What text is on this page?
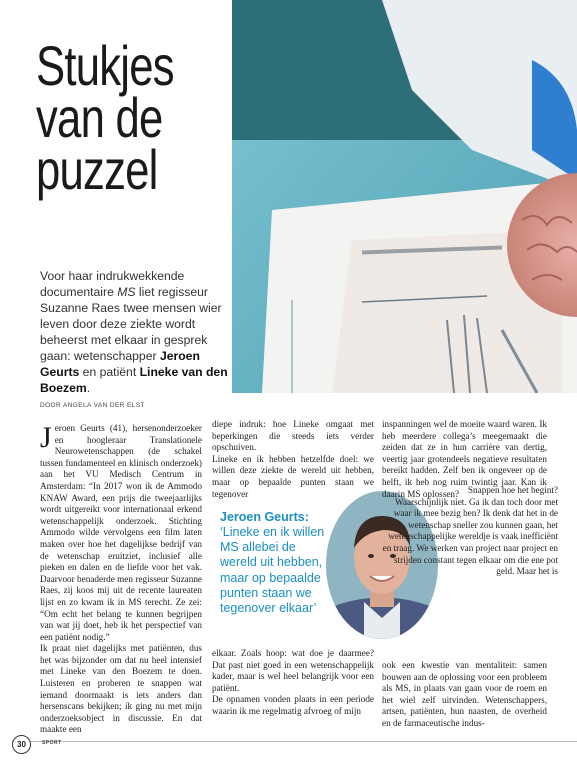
Stukjes
van de
puzzel
Voor haar indrukwekkende documentaire MS liet regisseur Suzanne Raes twee mensen wier leven door deze ziekte wordt beheerst met elkaar in gesprek gaan: wetenschapper Jeroen Geurts en patiënt Lineke van den Boezem.
DOOR ANGELA VAN DER ELST

Jeroen Geurts (41), hersenonderzoeker en hoogleraar Translationele Neurowetenschappen (de schakel tussen fundamenteel en klinisch onderzoek) aan het VU Medisch Centrum in Amsterdam: “In 2017 won ik de Ammodo KNAW Award, een prijs die tweejaarlijks wordt uitgereikt voor internationaal erkend wetenschappelijk onderzoek. Stichting Ammodo wilde vervolgens een film laten maken over hoe het dagelijkse bedrijf van de wetenschap eruitziet, inclusief alle pieken en dalen en de liefde voor het vak. Daarvoor benaderde men regisseur Suzanne Raes, zij koos mij uit de recente laureaten lijst en zo kwam ik in MS terecht. Ze zei: “Om echt het belang te kunnen begrijpen van wat jij doet, heb ik het perspectief van een patiënt nodig.”

Ik praat niet dagelijks met patiënten, dus het was bijzonder om dat nu heel intensief met Lineke van den Boezem te doen. Luisteren en proberen te snappen wat iemand doormaakt is iets anders dan hersenscans bekijken; ik ging nu met mijn onderzoeksobject in discussie. En dat maakte een

diepe indruk: hoe Lineke omgaat met beperkingen die steeds iets verder opschuiven.

Lineke en ik hebben hetzelfde doel: we willen deze ziekte de wereld uit hebben, maar op bepaalde punten staan we tegenover

Jeroen Geurts:
‘Lineke en ik willen MS allebei de wereld uit hebben, maar op bepaalde punten staan we tegenover elkaar’

elkaar. Zoals hoop: wat doe je daarmee? Dat past niet goed in een wetenschappelijk kader, maar is wel heel belangrijk voor een patiënt.

De opnamen vonden plaats in een periode waarin ik me regelmatig afvroeg of mijn

inspanningen wel de moeite waard waren. Ik heb meerdere collega’s meegemaakt die zeiden dat ze in hun carrière van dertig, veertig jaar grotendeels negatieve resultaten bereikt hadden. Zelf ben ik ongeveer op de helft, ik heb nog ruim twintig jaar. Kan ik daarin MS oplossen? Snappen hoe het begint?

Waarschijnlijk niet. Ga ik dan toch door met waar ik mee bezig ben? Ik denk dat het in de wetenschap sneller zou kunnen gaan, het wetenschappelijke wereldje is vaak inefficiënt en traag. We werken van project naar project en strijden constant tegen elkaar om die ene pot geld. Maar het is

ook een kwestie van mentaliteit: samen bouwen aan de oplossing voor een probleem als MS, in plaats van gaan voor de roem en het wiel zelf uitvinden. Wetenschappers, artsen, patiënten, hun naasten, de overheid en de farmaceutische indus-

30	SPORT
